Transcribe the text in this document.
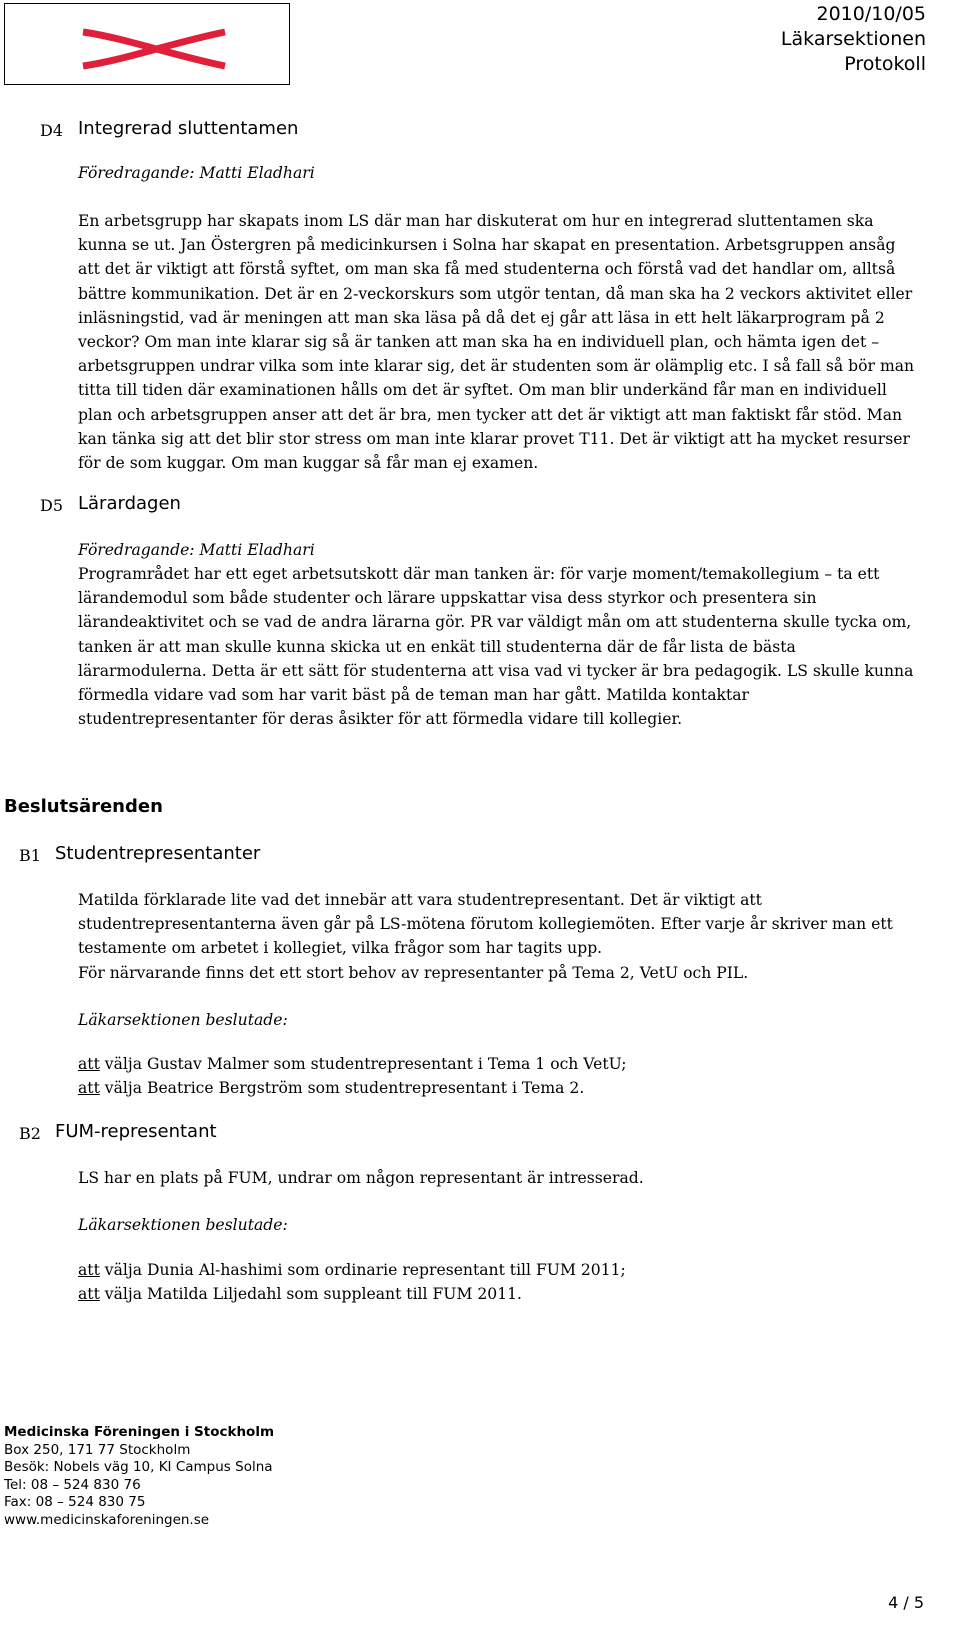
2010/10/05
Läkarsektionen
Protokoll
D4 Integrerad sluttentamen
Föredragande: Matti Eladhari
En arbetsgrupp har skapats inom LS där man har diskuterat om hur en integrerad sluttentamen ska
kunna se ut. Jan Östergren på medicinkursen i Solna har skapat en presentation. Arbetsgruppen ansåg
att det är viktigt att förstå syftet, om man ska få med studenterna och förstå vad det handlar om, alltså
bättre kommunikation. Det är en 2-veckorskurs som utgör tentan, då man ska ha 2 veckors aktivitet eller
inläsningstid, vad är meningen att man ska läsa på då det ej går att läsa in ett helt läkarprogram på 2
veckor? Om man inte klarar sig så är tanken att man ska ha en individuell plan, och hämta igen det –
arbetsgruppen undrar vilka som inte klarar sig, det är studenten som är olämplig etc. I så fall så bör man
titta till tiden där examinationen hålls om det är syftet. Om man blir underkänd får man en individuell
plan och arbetsgruppen anser att det är bra, men tycker att det är viktigt att man faktiskt får stöd. Man
kan tänka sig att det blir stor stress om man inte klarar provet T11. Det är viktigt att ha mycket resurser
för de som kuggar. Om man kuggar så får man ej examen.
D5 Lärardagen
Föredragande: Matti Eladhari
Programrådet har ett eget arbetsutskott där man tanken är: för varje moment/temakollegium – ta ett
lärandemodul som både studenter och lärare uppskattar visa dess styrkor och presentera sin
lärandeaktivitet och se vad de andra lärarna gör. PR var väldigt mån om att studenterna skulle tycka om,
tanken är att man skulle kunna skicka ut en enkät till studenterna där de får lista de bästa
lärarmodulerna. Detta är ett sätt för studenterna att visa vad vi tycker är bra pedagogik. LS skulle kunna
förmedla vidare vad som har varit bäst på de teman man har gått. Matilda kontaktar
studentrepresentanter för deras åsikter för att förmedla vidare till kollegier.
Beslutsärenden
B1 Studentrepresentanter
Matilda förklarade lite vad det innebär att vara studentrepresentant. Det är viktigt att
studentrepresentanterna även går på LS-mötena förutom kollegiemöten. Efter varje år skriver man ett
testamente om arbetet i kollegiet, vilka frågor som har tagits upp.
För närvarande finns det ett stort behov av representanter på Tema 2, VetU och PIL.
Läkarsektionen beslutade:
att välja Gustav Malmer som studentrepresentant i Tema 1 och VetU;
att välja Beatrice Bergström som studentrepresentant i Tema 2.
B2 FUM-representant
LS har en plats på FUM, undrar om någon representant är intresserad.
Läkarsektionen beslutade:
att välja Dunia Al-hashimi som ordinarie representant till FUM 2011;
att välja Matilda Liljedahl som suppleant till FUM 2011.
Medicinska Föreningen i Stockholm
Box 250, 171 77 Stockholm
Besök: Nobels väg 10, KI Campus Solna
Tel: 08 – 524 830 76
Fax: 08 – 524 830 75
www.medicinskaforeningen.se
4 / 5
